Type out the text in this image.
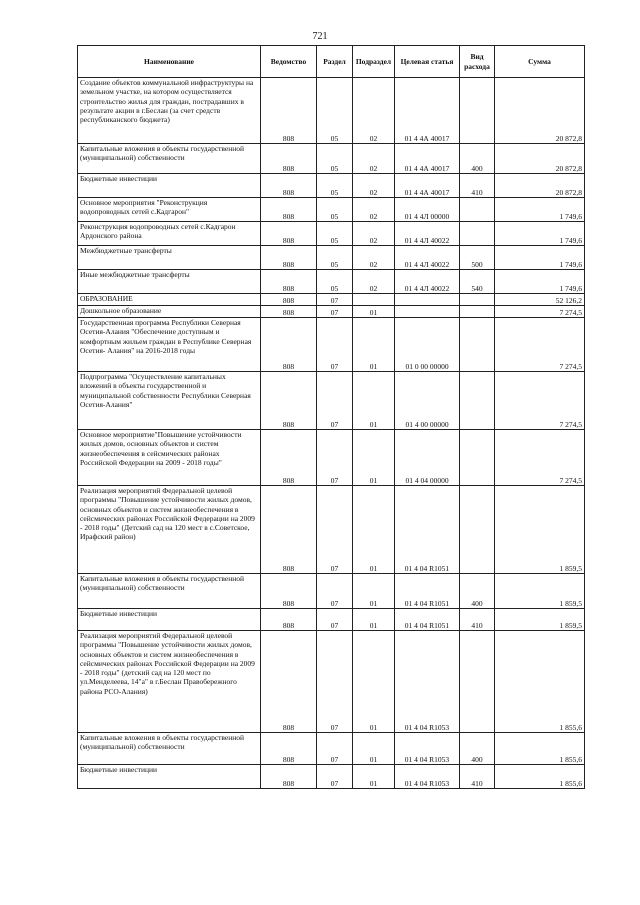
721
Наименование	Ведомство	Раздел	Подраздел	Целевая статья	Вид расхода	Сумма
Создание объектов коммунальной инфраструктуры на земельном участке, на котором осуществляется строительство жилья для граждан, пострадавших в результате акции в г.Беслан (за счет средств республиканского бюджета)	808	05	02	01 4 4А 40017		20 872,8
Капитальные вложения в объекты государственной (муниципальной) собственности	808	05	02	01 4 4А 40017	400	20 872,8
Бюджетные инвестиции	808	05	02	01 4 4А 40017	410	20 872,8
Основное мероприятия "Реконструкция водопроводных сетей с.Кадгарон"	808	05	02	01 4 4Л 00000		1 749,6
Реконструкция водопроводных сетей с.Кадгарон Ардонского района	808	05	02	01 4 4Л 40022		1 749,6
Межбюджетные трансферты	808	05	02	01 4 4Л 40022	500	1 749,6
Иные межбюджетные трансферты	808	05	02	01 4 4Л 40022	540	1 749,6
ОБРАЗОВАНИЕ	808	07				52 126,2
Дошкольное образование	808	07	01			7 274,5
Государственная программа Республики Северная Осетия-Алания "Обеспечение доступным и комфортным жильем граждан в Республике Северная Осетия- Алания" на 2016-2018 годы	808	07	01	01 0 00 00000		7 274,5
Подпрограмма "Осуществление капитальных вложений в объекты государственной и муниципальной собственности Республики Северная Осетия-Алания"	808	07	01	01 4 00 00000		7 274,5
Основное мероприятие"Повышение устойчивости жилых домов, основных объектов и систем жизнеобеспечения в сейсмических районах Российской Федерации на 2009 - 2018 годы"	808	07	01	01 4 04 00000		7 274,5
Реализация мероприятий Федеральной целевой программы "Повышение устойчивости жилых домов, основных объектов и систем жизнеобеспечения в сейсмических районах Российской Федерации на 2009 - 2018 годы" (Детский сад на 120 мест в с.Советское, Ирафский район)	808	07	01	01 4 04 R1051		1 859,5
Капитальные вложения в объекты государственной (муниципальной) собственности	808	07	01	01 4 04 R1051	400	1 859,5
Бюджетные инвестиции	808	07	01	01 4 04 R1051	410	1 859,5
Реализация мероприятий Федеральной целевой программы "Повышение устойчивости жилых домов, основных объектов и систем жизнеобеспечения в сейсмических районах Российской Федерации на 2009 - 2018 годы" (детский сад на 120 мест по ул.Менделеева, 14"а" в г.Беслан Правобережного района РСО-Алания)	808	07	01	01 4 04 R1053		1 855,6
Капитальные вложения в объекты государственной (муниципальной) собственности	808	07	01	01 4 04 R1053	400	1 855,6
Бюджетные инвестиции	808	07	01	01 4 04 R1053	410	1 855,6
